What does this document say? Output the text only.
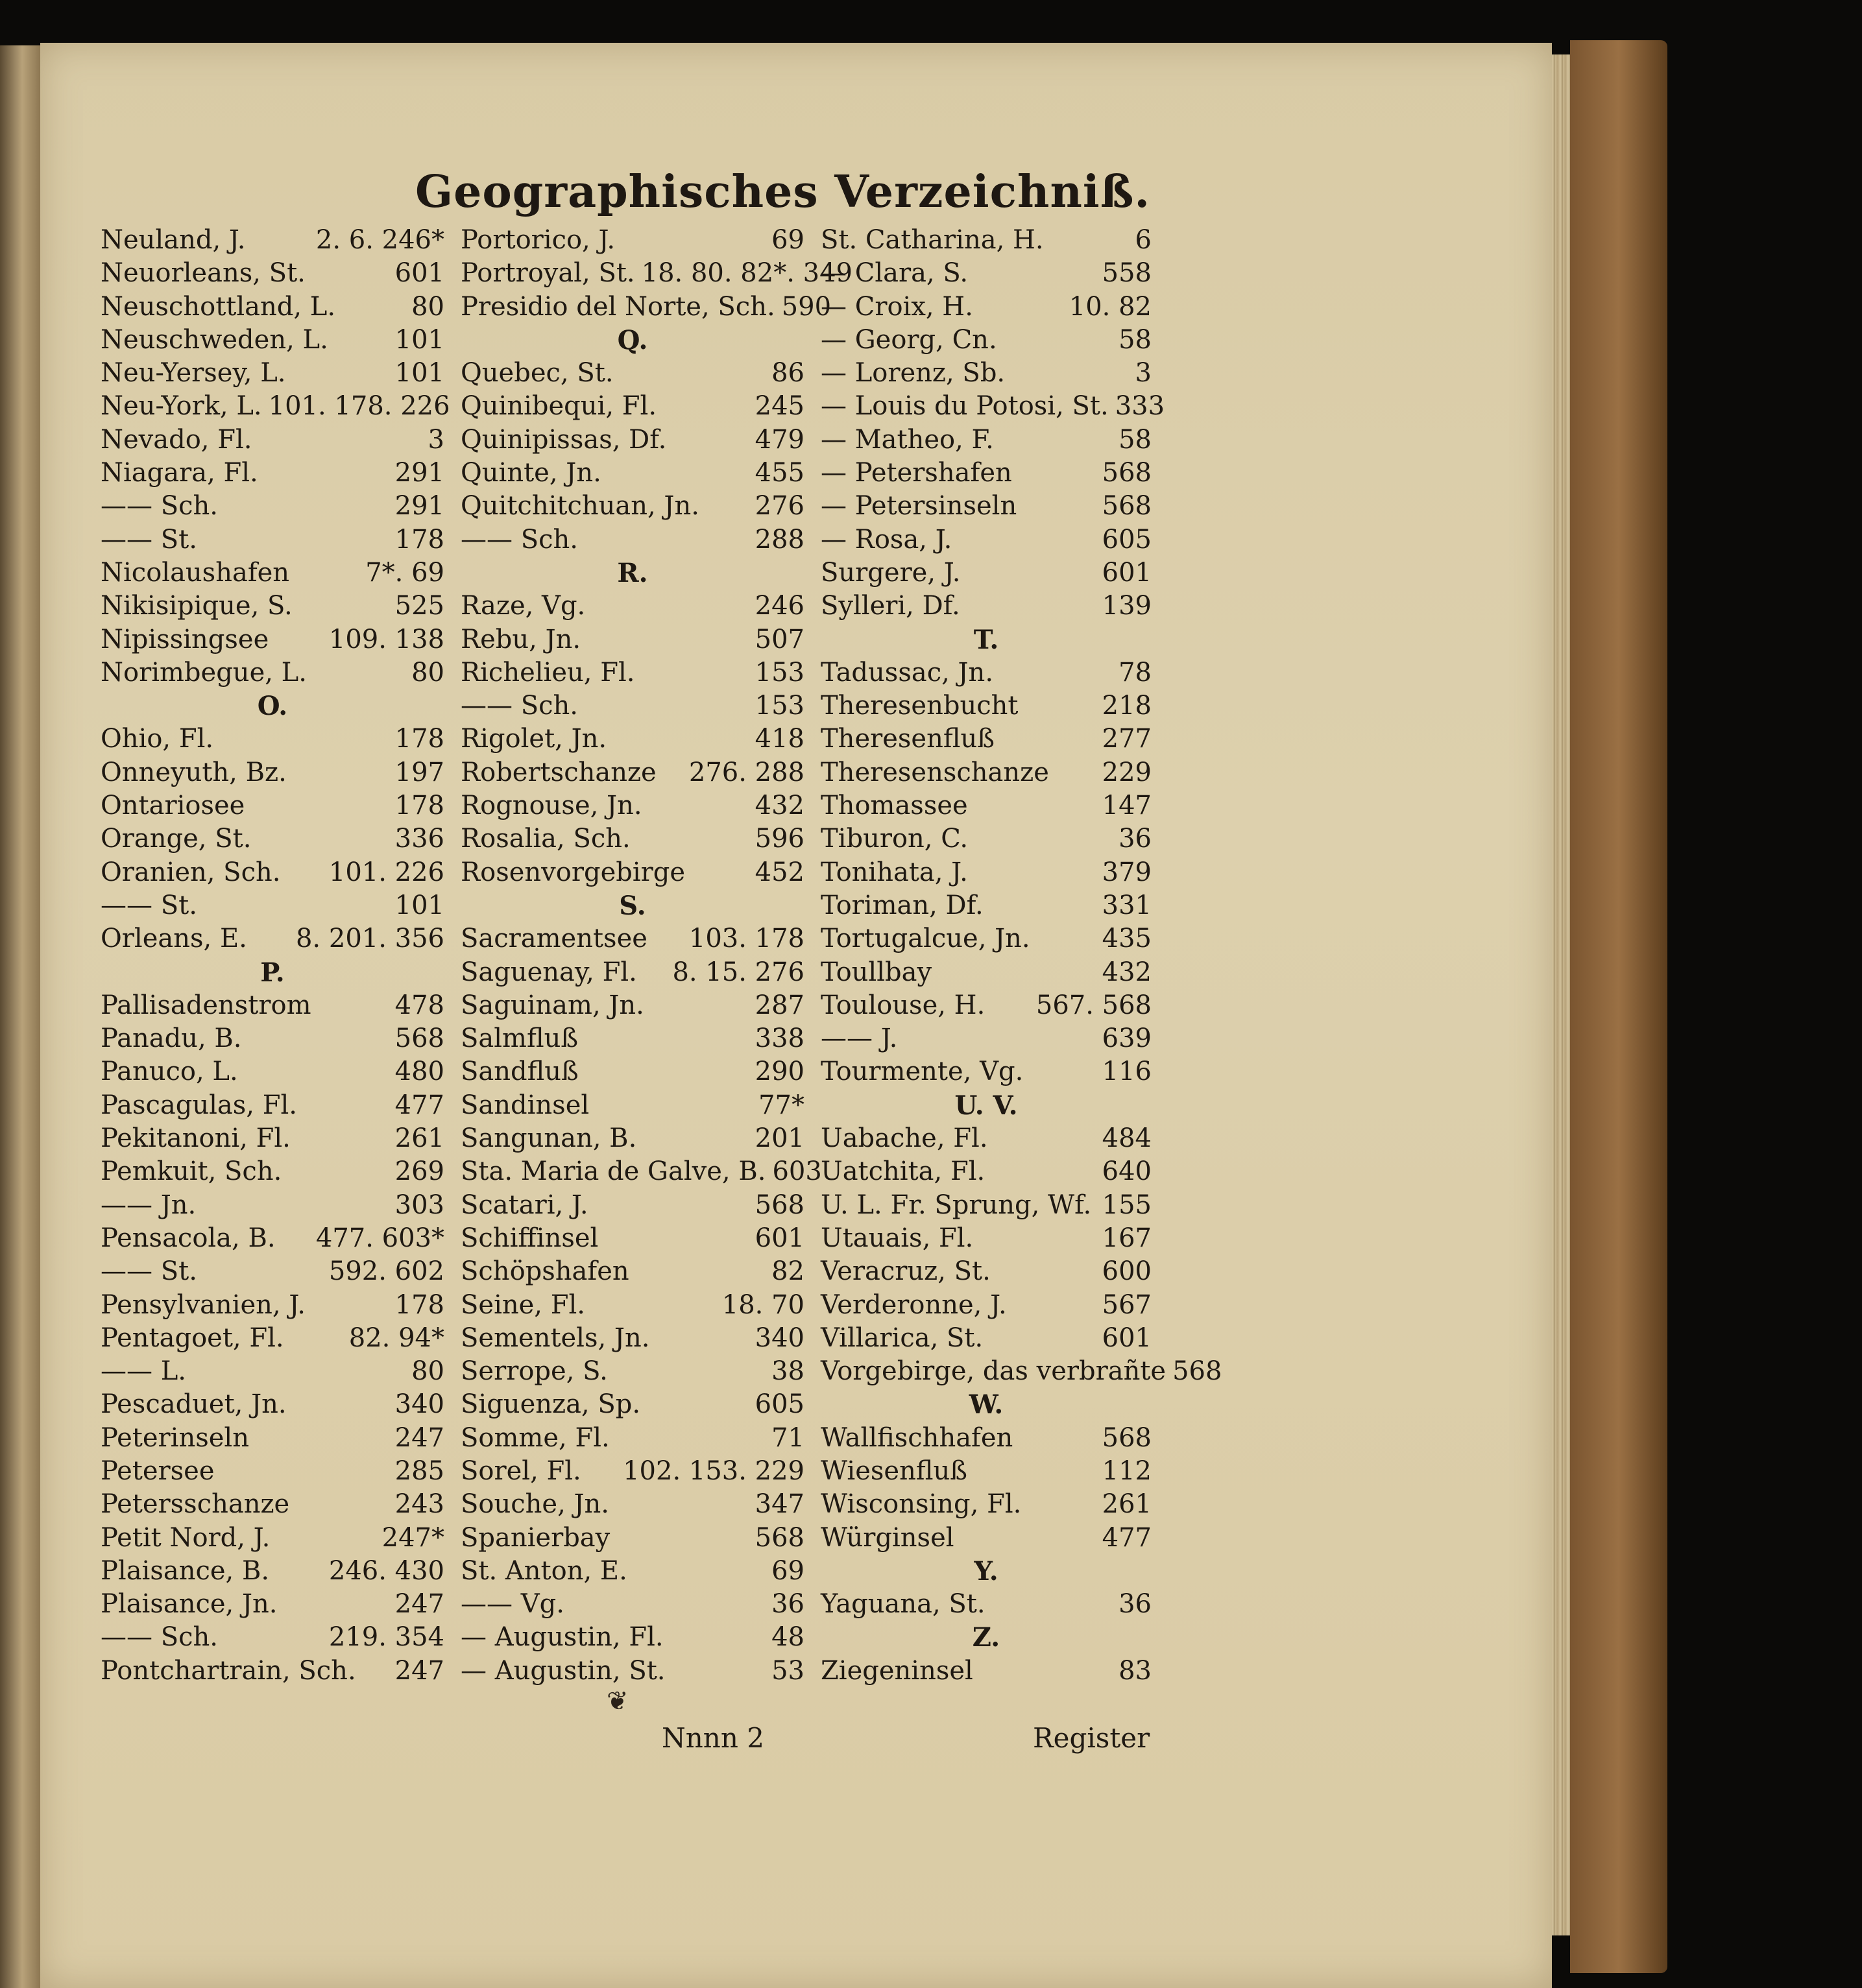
Geographisches Verzeichniß.
Neuland, J.	2. 6. 246*
Neuorleans, St.	601
Neuschottland, L.	80
Neuschweden, L.	101
Neu-Yersey, L.	101
Neu-York, L. 101. 178. 226
Nevado, Fl.	3
Niagara, Fl.	291
—— Sch.	291
—— St.	178
Nicolaushafen	7*. 69
Nikisipique, S.	525
Nipissingsee 109. 138
Norimbegue, L.	80
O.
Ohio, Fl.	178
Onneyuth, Bz.	197
Ontariosee	178
Orange, St.	336
Oranien, Sch. 101. 226
—— St.	101
Orleans, E. 8. 201. 356
P.
Pallisadenstrom	478
Panadu, B.	568
Panuco, L.	480
Pascagulas, Fl.	477
Pekitanoni, Fl.	261
Pemkuit, Sch.	269
—— Jn.	303
Pensacola, B. 477. 603*
—— St.	592. 602
Pensylvanien, J.	178
Pentagoet, Fl.	82. 94*
—— L.	80
Pescaduet, Jn.	340
Peterinseln	247
Petersee	285
Petersschanze	243
Petit Nord, J.	247*
Plaisance, B. 246. 430
Plaisance, Jn.	247
—— Sch.	219. 354
Pontchartrain, Sch. 247
Portorico, J.	69
Portroyal, St. 18. 80. 82*. 349
Presidio del Norte, Sch. 590
Q.
Quebec, St.	86
Quinibequi, Fl.	245
Quinipissas, Df.	479
Quinte, Jn.	455
Quitchitchuan, Jn. 276
—— Sch.	288
R.
Raze, Vg.	246
Rebu, Jn.	507
Richelieu, Fl.	153
—— Sch.	153
Rigolet, Jn.	418
Robertschanze 276. 288
Rognouse, Jn.	432
Rosalia, Sch.	596
Rosenvorgebirge	452
S.
Sacramentsee 103. 178
Saguenay, Fl. 8. 15. 276
Saguinam, Jn.	287
Salmfluß	338
Sandfluß	290
Sandinsel	77*
Sangunan, B.	201
Sta. Maria de Galve, B. 603
Scatari, J.	568
Schiffinsel	601
Schöpshafen	82
Seine, Fl.	18. 70
Sementels, Jn.	340
Serrope, S.	38
Siguenza, Sp.	605
Somme, Fl.	71
Sorel, Fl. 102. 153. 229
Souche, Jn.	347
Spanierbay	568
St. Anton, E.	69
—— Vg.	36
— Augustin, Fl.	48
— Augustin, St.	53
St. Catharina, H.	6
— Clara, S.	558
— Croix, H.	10. 82
— Georg, Cn.	58
— Lorenz, Sb.	3
— Louis du Potosi, St. 333
— Matheo, F.	58
— Petershafen	568
— Petersinseln	568
— Rosa, J.	605
Surgere, J.	601
Sylleri, Df.	139
T.
Tadussac, Jn.	78
Theresenbucht	218
Theresenfluß	277
Theresenschanze 229
Thomassee	147
Tiburon, C.	36
Tonihata, J.	379
Toriman, Df.	331
Tortugalcue, Jn.	435
Toullbay	432
Toulouse, H. 567. 568
—— J.	639
Tourmente, Vg.	116
U. V.
Uabache, Fl.	484
Uatchita, Fl.	640
U. L. Fr. Sprung, Wf. 155
Utauais, Fl.	167
Veracruz, St.	600
Verderonne, J.	567
Villarica, St.	601
Vorgebirge, das verbrañte 568
W.
Wallfischhafen	568
Wiesenfluß	112
Wisconsing, Fl.	261
Würginsel	477
Y.
Yaguana, St.	36
Z.
Ziegeninsel	83
❦
Nnnn 2	Register
